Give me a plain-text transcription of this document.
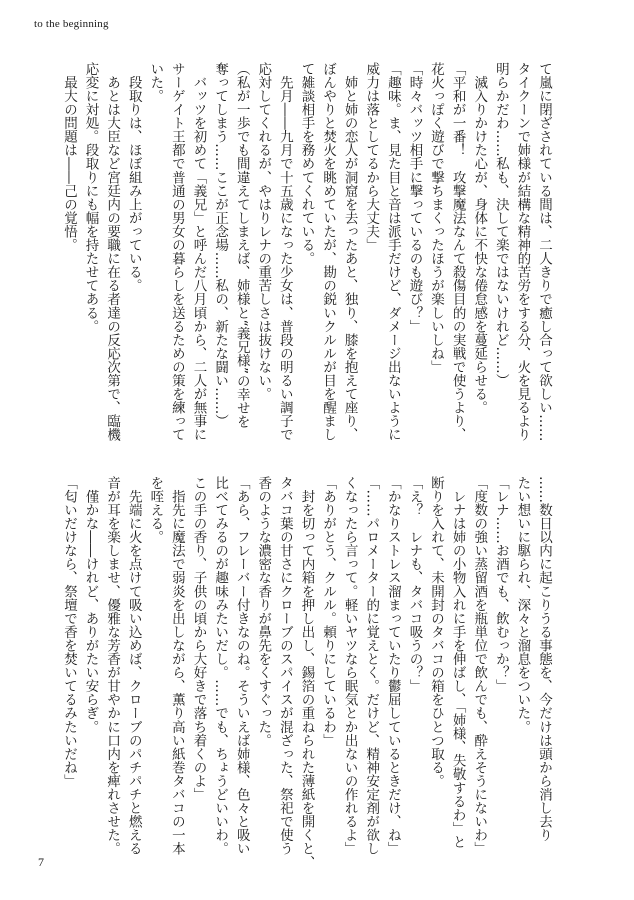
to the beginning
て嵐に閉ざされている間は、二人きりで癒し合って欲しい……
タイクーンで姉様が結構な精神的苦労をする分、火を見るより
明らかだわ……私も、決して楽ではないけれど……）
　滅入りかけた心が、身体に不快な倦怠感を蔓延らせる。
「平和が一番！　攻撃魔法なんて殺傷目的の実戦で使うより、
花火っぽく遊びで撃ちまくったほうが楽しいしね」
「時々バッツ相手に撃っているのも遊び？」
「趣味。ま、見た目と音は派手だけど、ダメージ出ないように
威力は落としてるから大丈夫」
　姉と姉の恋人が洞窟を去ったあと、独り、膝を抱えて座り、
ぼんやりと焚火を眺めていたが、勘の鋭いクルルが目を醒まし
て雑談相手を務めてくれている。
　先月――九月で十五歳になった少女は、普段の明るい調子で
応対してくれるが、やはりレナの重苦しさは抜けない。
（私が一歩でも間違えてしまえば、姉様と“義兄様”の幸せを
奪ってしまう……ここが正念場……私の、新たな闘い……）
　バッツを初めて「義兄」と呼んだ八月頃から、二人が無事に
サーゲイト王都で普通の男女の暮らしを送るための策を練って
いた。
　段取りは、ほぼ組み上がっている。
　あとは大臣など宮廷内の要職に在る者達の反応次第で、臨機
応変に対処。段取りにも幅を持たせてある。
　最大の問題は――己の覚悟。
……数日以内に起こりうる事態を、今だけは頭から消し去り
たい想いに駆られ、深々と溜息をついた。
「レナ……お酒でも、飲むっか？」
「度数の強い蒸留酒を瓶単位で飲んでも、酔えそうにないわ」
　レナは姉の小物入れに手を伸ばし、「姉様、失敬するわ」と
断りを入れて、未開封のタバコの箱をひとつ取る。
「え？　レナも、タバコ吸うの？」
「かなりストレス溜まっていたり鬱屈しているときだけ、ね」
「……パロメーター的に覚えとく。だけど、精神安定剤が欲し
くなったら言って。軽いヤツなら眠気とか出ないの作れるよ」
「ありがとう、クルル。頼りにしているわ」
　封を切って内箱を押し出し、錫箔の重ねられた薄紙を開くと、
タバコ葉の甘さにクローブのスパイスが混ざった、祭祀で使う
香のような濃密な香りが鼻先をくすぐった。
「あら、フレーバー付きなのね。そういえば姉様、色々と吸い
比べてみるのが趣味みたいだし。……でも、ちょうどいいわ。
この手の香り、子供の頃から大好きで落ち着くのよ」
　指先に魔法で弱炎を出しながら、薫り高い紙巻タバコの一本
を咥える。
　先端に火を点けて吸い込めば、クローブのパチパチと燃える
音が耳を楽しませ、優雅な芳香が甘やかに口内を痺れさせた。
　僅かな――けれど、ありがたい安らぎ。
「匂いだけなら、祭壇で香を焚いてるみたいだね」
7
